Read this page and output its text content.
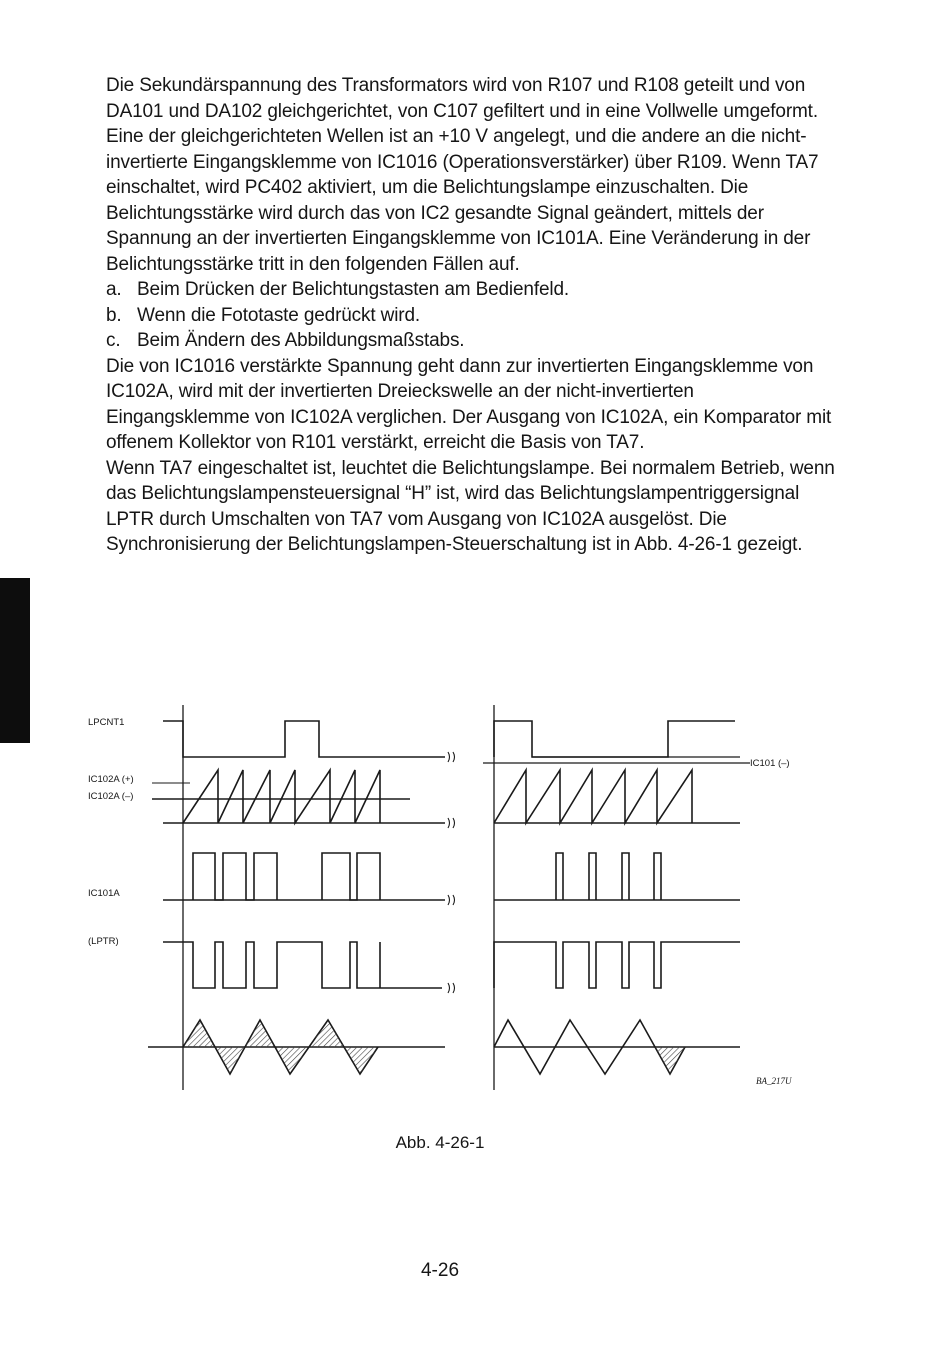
Die Sekundärspannung des Transformators wird von R107 und R108 geteilt und von DA101 und DA102 gleichgerichtet, von C107 gefiltert und in eine Vollwelle umgeformt. Eine der gleichgerichteten Wellen ist an +10 V angelegt, und die andere an die nicht-invertierte Eingangsklemme von IC1016 (Operationsverstärker) über R109. Wenn TA7 einschaltet, wird PC402 aktiviert, um die Belichtungslampe einzuschalten. Die Belichtungsstärke wird durch das von IC2 gesandte Signal geändert, mittels der Spannung an der invertierten Eingangsklemme von IC101A. Eine Veränderung in der Belichtungsstärke tritt in den folgenden Fällen auf.

a. Beim Drücken der Belichtungstasten am Bedienfeld.

b. Wenn die Fototaste gedrückt wird.

c. Beim Ändern des Abbildungsmaßstabs.

Die von IC1016 verstärkte Spannung geht dann zur invertierten Eingangsklemme von IC102A, wird mit der invertierten Dreieckswelle an der nicht-invertierten Eingangsklemme von IC102A verglichen. Der Ausgang von IC102A, ein Komparator mit offenem Kollektor von R101 verstärkt, erreicht die Basis von TA7.

Wenn TA7 eingeschaltet ist, leuchtet die Belichtungslampe. Bei normalem Betrieb, wenn das Belichtungslampensteuersignal “H” ist, wird das Belichtungslampentriggersignal LPTR durch Umschalten von TA7 vom Ausgang von IC102A ausgelöst. Die Synchronisierung der Belichtungslampen-Steuerschaltung ist in Abb. 4-26-1 gezeigt.

LPCNT1
IC102A (+)
IC102A (–)
IC101A
(LPTR)
IC101 (–)
BA_217U
Abb. 4-26-1
4-26
